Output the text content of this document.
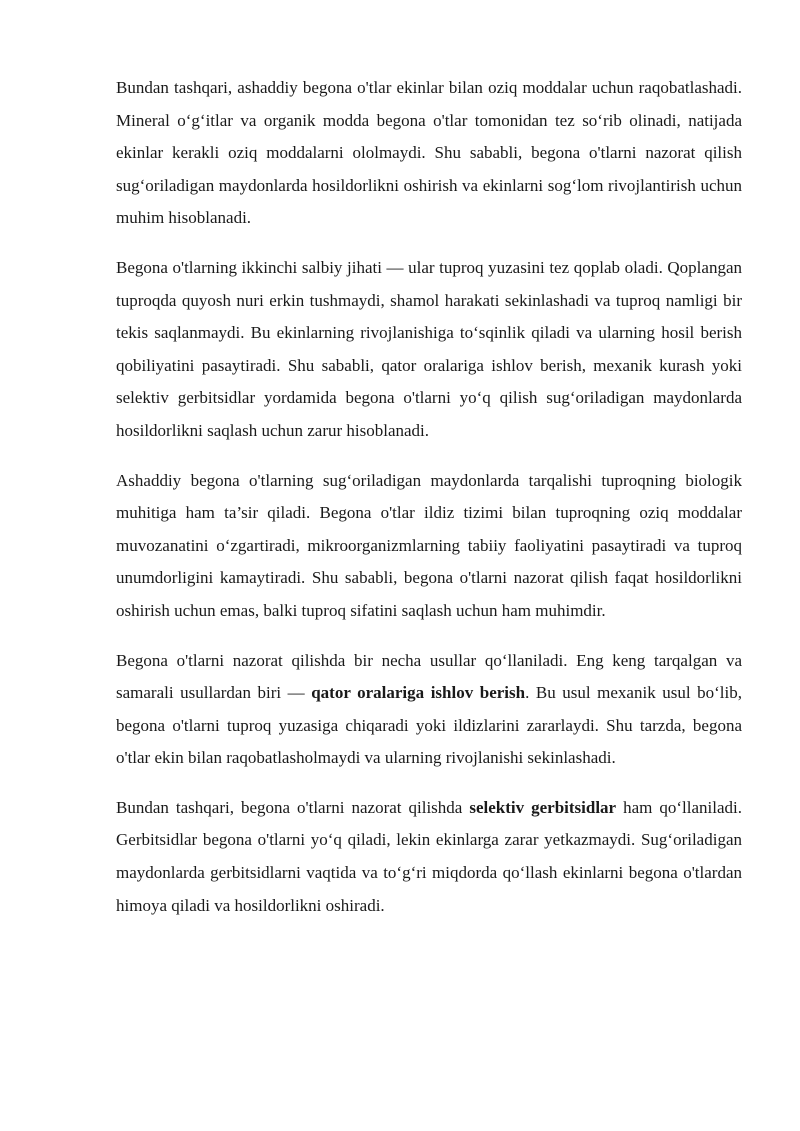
Bundan tashqari, ashaddiy begona o'tlar ekinlar bilan oziq moddalar uchun raqobatlashadi. Mineral o‘g‘itlar va organik modda begona o'tlar tomonidan tez so‘rib olinadi, natijada ekinlar kerakli oziq moddalarni ololmaydi. Shu sababli, begona o'tlarni nazorat qilish sug‘oriladigan maydonlarda hosildorlikni oshirish va ekinlarni sog‘lom rivojlantirish uchun muhim hisoblanadi.

Begona o'tlarning ikkinchi salbiy jihati — ular tuproq yuzasini tez qoplab oladi. Qoplangan tuproqda quyosh nuri erkin tushmaydi, shamol harakati sekinlashadi va tuproq namligi bir tekis saqlanmaydi. Bu ekinlarning rivojlanishiga to‘sqinlik qiladi va ularning hosil berish qobiliyatini pasaytiradi. Shu sababli, qator oralariga ishlov berish, mexanik kurash yoki selektiv gerbitsidlar yordamida begona o'tlarni yo‘q qilish sug‘oriladigan maydonlarda hosildorlikni saqlash uchun zarur hisoblanadi.

Ashaddiy begona o'tlarning sug‘oriladigan maydonlarda tarqalishi tuproqning biologik muhitiga ham ta’sir qiladi. Begona o'tlar ildiz tizimi bilan tuproqning oziq moddalar muvozanatini o‘zgartiradi, mikroorganizmlarning tabiiy faoliyatini pasaytiradi va tuproq unumdorligini kamaytiradi. Shu sababli, begona o'tlarni nazorat qilish faqat hosildorlikni oshirish uchun emas, balki tuproq sifatini saqlash uchun ham muhimdir.

Begona o'tlarni nazorat qilishda bir necha usullar qo‘llaniladi. Eng keng tarqalgan va samarali usullardan biri — qator oralariga ishlov berish. Bu usul mexanik usul bo‘lib, begona o'tlarni tuproq yuzasiga chiqaradi yoki ildizlarini zararlaydi. Shu tarzda, begona o'tlar ekin bilan raqobatlasholmaydi va ularning rivojlanishi sekinlashadi.

Bundan tashqari, begona o'tlarni nazorat qilishda selektiv gerbitsidlar ham qo‘llaniladi. Gerbitsidlar begona o'tlarni yo‘q qiladi, lekin ekinlarga zarar yetkazmaydi. Sug‘oriladigan maydonlarda gerbitsidlarni vaqtida va to‘g‘ri miqdorda qo‘llash ekinlarni begona o'tlardan himoya qiladi va hosildorlikni oshiradi.
